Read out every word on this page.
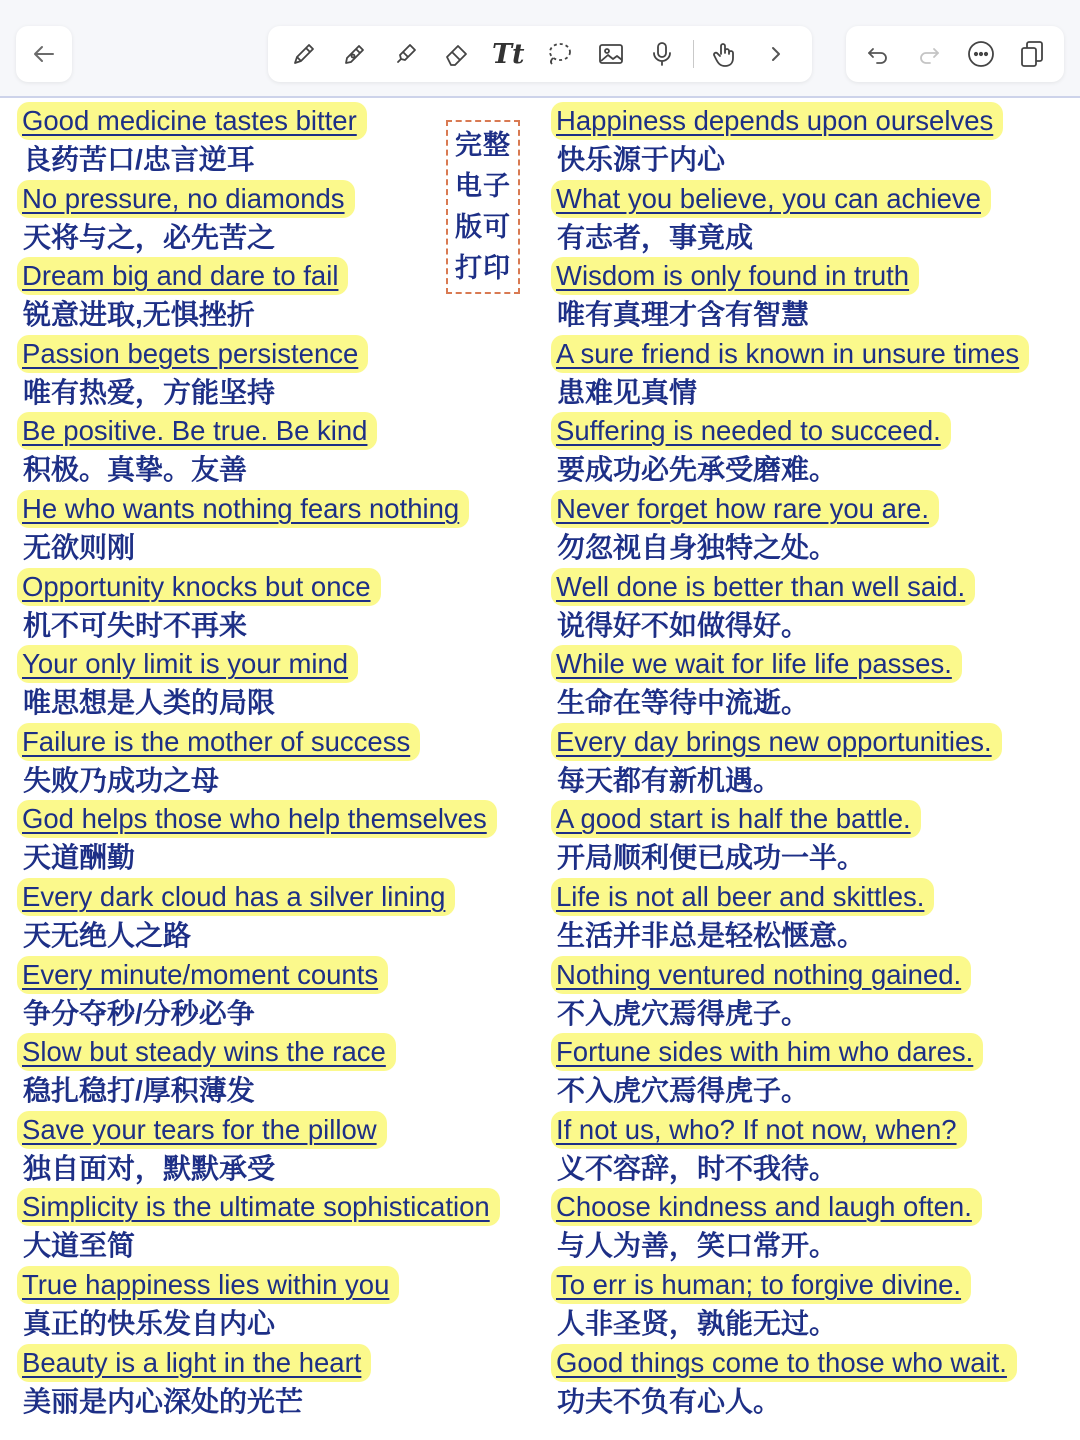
Tt
完整
电子
版可
打印
Good medicine tastes bitter
良药苦口/忠言逆耳
No pressure, no diamonds
天将与之，必先苦之
Dream big and dare to fail
锐意进取,无惧挫折
Passion begets persistence
唯有热爱，方能坚持
Be positive. Be true. Be kind
积极。真挚。友善
He who wants nothing fears nothing
无欲则刚
Opportunity knocks but once
机不可失时不再来
Your only limit is your mind
唯思想是人类的局限
Failure is the mother of success
失败乃成功之母
God helps those who help themselves
天道酬勤
Every dark cloud has a silver lining
天无绝人之路
Every minute/moment counts
争分夺秒/分秒必争
Slow but steady wins the race
稳扎稳打/厚积薄发
Save your tears for the pillow
独自面对，默默承受
Simplicity is the ultimate sophistication
大道至简
True happiness lies within you
真正的快乐发自内心
Beauty is a light in the heart
美丽是内心深处的光芒
Happiness depends upon ourselves
快乐源于内心
What you believe, you can achieve
有志者，事竟成
Wisdom is only found in truth
唯有真理才含有智慧
A sure friend is known in unsure times
患难见真情
Suffering is needed to succeed.
要成功必先承受磨难。
Never forget how rare you are.
勿忽视自身独特之处。
Well done is better than well said.
说得好不如做得好。
While we wait for life life passes.
生命在等待中流逝。
Every day brings new opportunities.
每天都有新机遇。
A good start is half the battle.
开局顺利便已成功一半。
Life is not all beer and skittles.
生活并非总是轻松惬意。
Nothing ventured nothing gained.
不入虎穴焉得虎子。
Fortune sides with him who dares.
不入虎穴焉得虎子。
If not us, who? If not now, when?
义不容辞，时不我待。
Choose kindness and laugh often.
与人为善，笑口常开。
To err is human; to forgive divine.
人非圣贤，孰能无过。
Good things come to those who wait.
功夫不负有心人。
